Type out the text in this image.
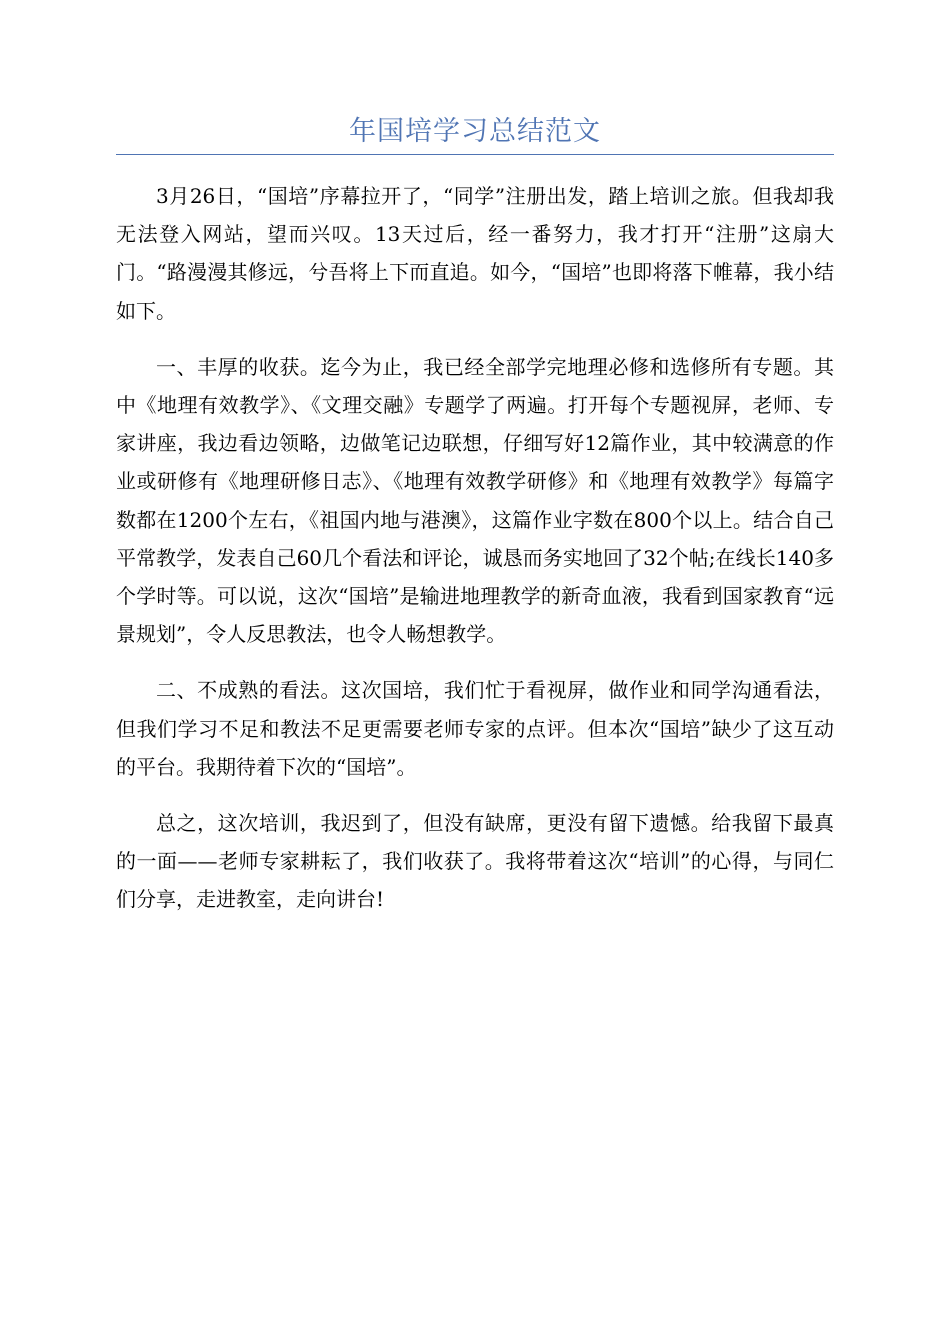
年国培学习总结范文

3月26日，“国培”序幕拉开了，“同学”注册出发，踏上培训之旅。但我却我无法登入网站，望而兴叹。13天过后，经一番努力，我才打开“注册”这扇大门。“路漫漫其修远，兮吾将上下而直追。如今，“国培”也即将落下帷幕，我小结如下。

一、丰厚的收获。迄今为止，我已经全部学完地理必修和选修所有专题。其中《地理有效教学》、《文理交融》专题学了两遍。打开每个专题视屏，老师、专家讲座，我边看边领略，边做笔记边联想，仔细写好12篇作业，其中较满意的作业或研修有《地理研修日志》、《地理有效教学研修》和《地理有效教学》每篇字数都在1200个左右，《祖国内地与港澳》，这篇作业字数在800个以上。结合自己平常教学，发表自己60几个看法和评论，诚恳而务实地回了32个帖;在线长140多个学时等。可以说，这次“国培”是输进地理教学的新奇血液，我看到国家教育“远景规划”，令人反思教法，也令人畅想教学。

二、不成熟的看法。这次国培，我们忙于看视屏，做作业和同学沟通看法，但我们学习不足和教法不足更需要老师专家的点评。但本次“国培”缺少了这互动的平台。我期待着下次的“国培”。

总之，这次培训，我迟到了，但没有缺席，更没有留下遗憾。给我留下最真的一面——老师专家耕耘了，我们收获了。我将带着这次“培训”的心得，与同仁们分享，走进教室，走向讲台!
